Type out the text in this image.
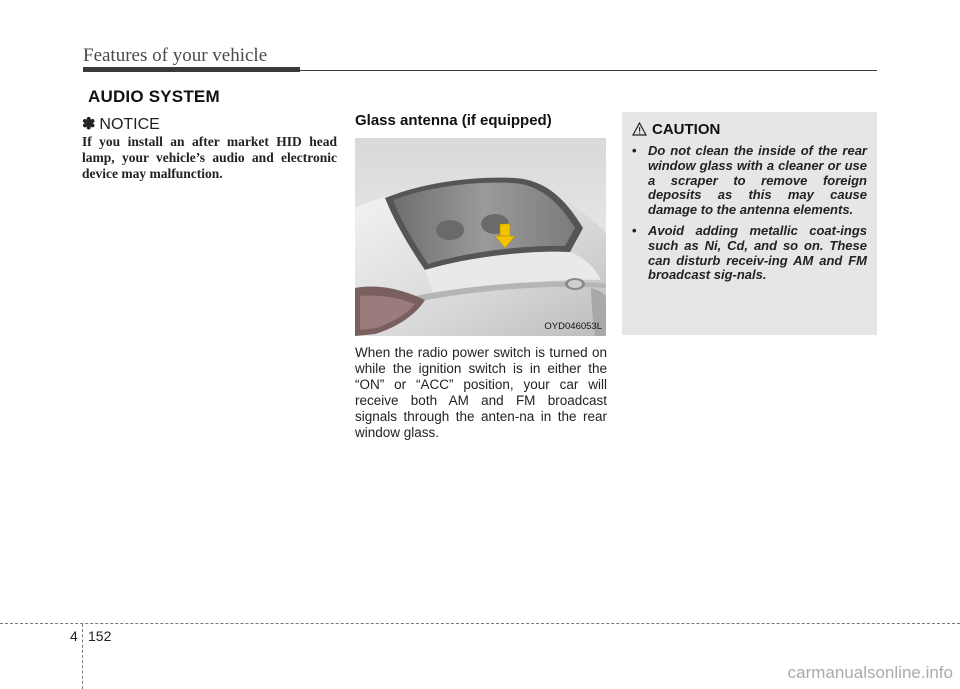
Features of your vehicle
AUDIO SYSTEM
✽ NOTICE
If you install an after market HID head lamp, your vehicle’s audio and electronic device may malfunction.
Glass antenna (if equipped)
OYD046053L
When the radio power switch is turned on while the ignition switch is in either the “ON” or “ACC” position, your car will receive both AM and FM broadcast signals through the anten-na in the rear window glass.
CAUTION
• Do not clean the inside of the rear window glass with a cleaner or use a scraper to remove foreign deposits as this may cause damage to the antenna elements.
• Avoid adding metallic coat-ings such as Ni, Cd, and so on. These can disturb receiv-ing AM and FM broadcast sig-nals.
4 152
carmanualsonline.info
